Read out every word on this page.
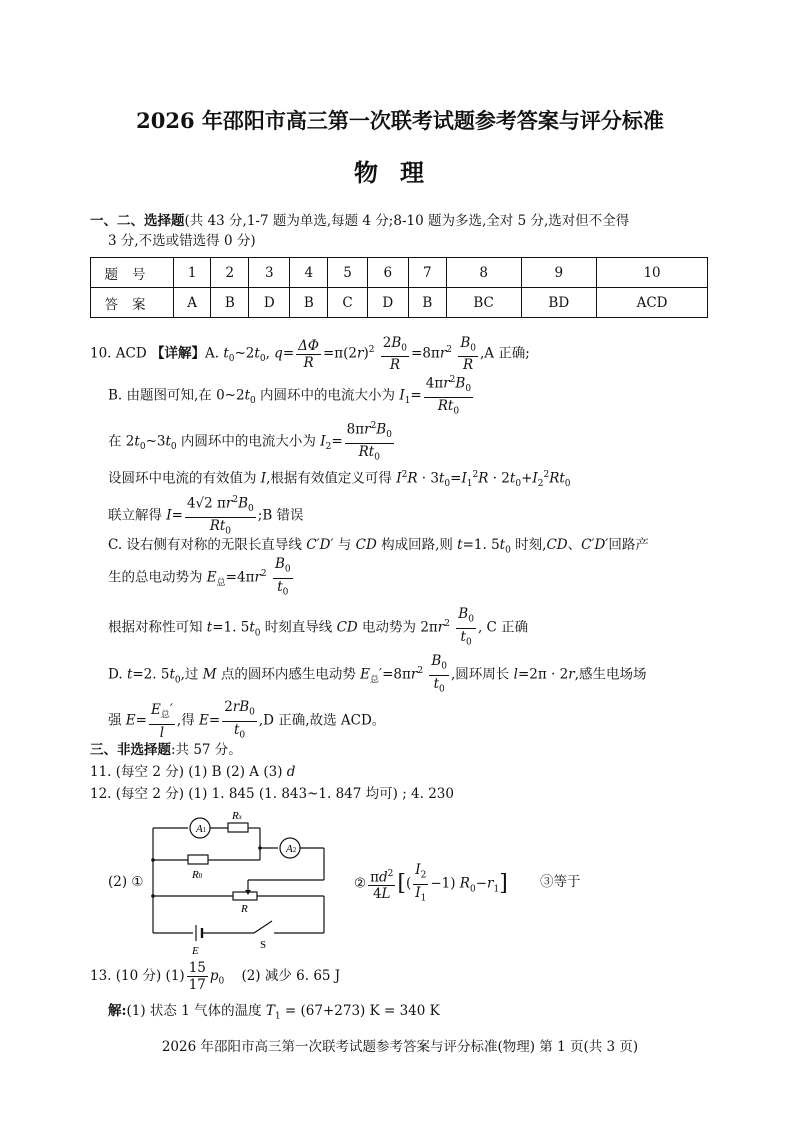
2026 年邵阳市高三第一次联考试题参考答案与评分标准
物理
一、二、选择题(共 43 分,1-7 题为单选,每题 4 分;8-10 题为多选,全对 5 分,选对但不全得
3 分,不选或错选得 0 分)
题号	1	2	3	4	5	6	7	8	9	10
答案	A	B	D	B	C	D	B	BC	BD	ACD
10. ACD 【详解】A. $t_0\sim 2t_0$, $q= \frac{\Delta\Phi}{R} =\pi(2r)^2 \frac{2B_0}{R} =8\pi r^2 \frac{B_0}{R} ,A$ 正确;
B. 由题图可知,在 $0\sim 2t_0$ 内圆环中的电流大小为 $I_1= \frac{4\pi r^2B_0}{Rt_0}$
在 $2t_0\sim 3t_0$ 内圆环中的电流大小为 $I_2= \frac{8\pi r^2B_0}{Rt_0}$
设圆环中电流的有效值为 I,根据有效值定义可得 $I^2R \cdot 3t_0=I_1^2R \cdot 2t_0+I_2^2Rt_0$
联立解得 $I= \frac{4√2 \pi r^2B_0}{Rt_0}$ ;B 错误
C. 设右侧有对称的无限长直导线 C′D′ 与 CD 构成回路,则 t=1. $5t_0$ 时刻,CD、C′D′回路产
生的总电动势为 $E_总=4\pi r^2 \frac{B_0}{t_0}$
根据对称性可知 t=1. $5t_0$ 时刻直导线 CD 电动势为 $2\pi r^2 \frac{B_0}{t_0}$ , C 正确
D. t=2. $5t_0$,过 M 点的圆环内感生电动势 $E_总'=8\pi r^2 \frac{B_0}{t_0}$ ,圆环周长 l=2π · 2r,感生电场场
强 $E= \frac{E_总'}{l}$ ,得 $E= \frac{2rB_0}{t_0} ,D$ 正确,故选 ACD。
三、非选择题:共 57 分。
11. (每空 2 分) (1) B (2) A (3) d
12. (每空 2 分) (1) 1. 845 (1. 843~1. 847 均可) ; 4. 230
(2) ①
A1
A2
Rx
R0
R
E	S
② $\frac{\pi d^2}{4L}$ [( $\frac{I_2}{I_1} -1$) $R_0-r_1$] ③等于
13. (10 分) $(1) \frac{15}{17} p_0$ (2) 减少 6. 65 J
解:(1) 状态 1 气体的温度 $T_1 = (67+273) K = 340$ K
2026 年邵阳市高三第一次联考试题参考答案与评分标准(物理) 第 1 页(共 3 页)
